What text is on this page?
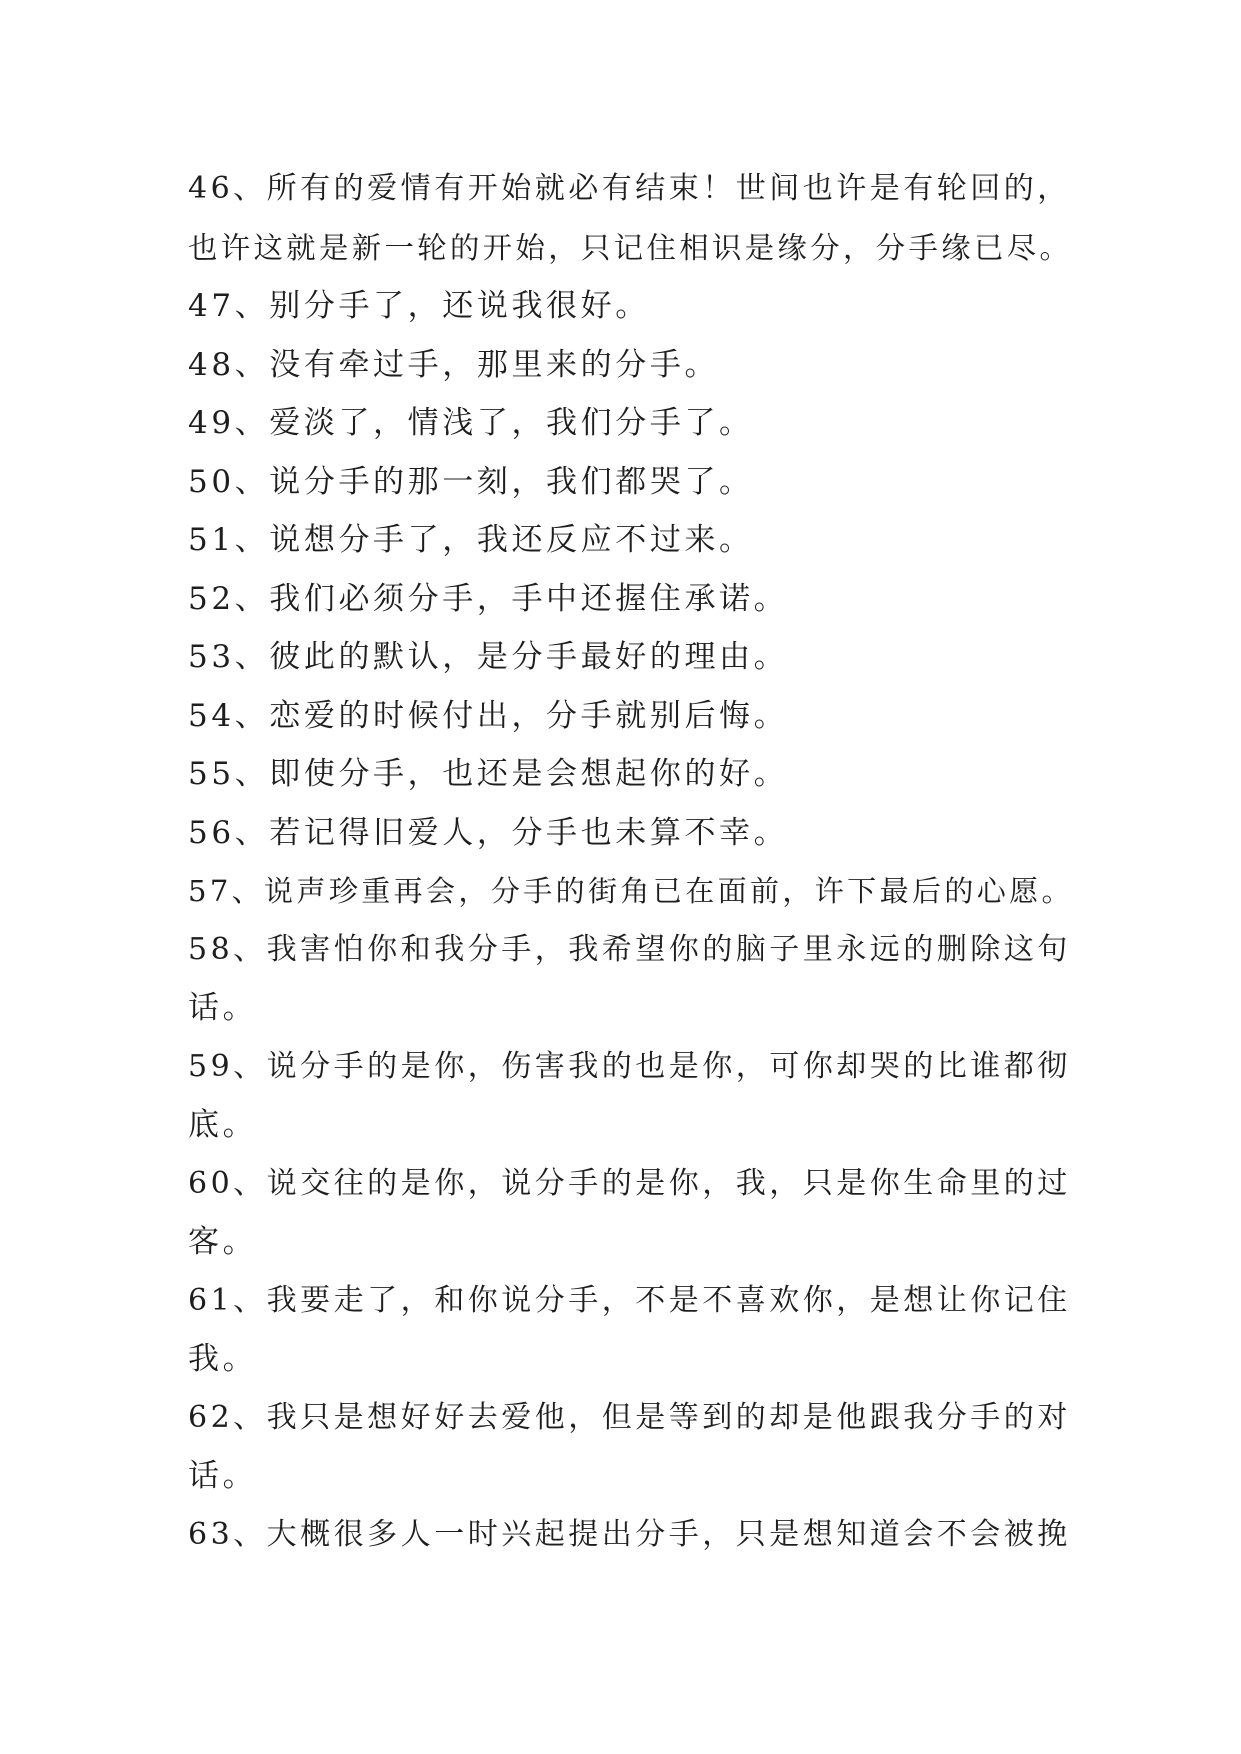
46、所有的爱情有开始就必有结束！世间也许是有轮回的，
也许这就是新一轮的开始，只记住相识是缘分，分手缘已尽。
47、别分手了，还说我很好。
48、没有牵过手，那里来的分手。
49、爱淡了，情浅了，我们分手了。
50、说分手的那一刻，我们都哭了。
51、说想分手了，我还反应不过来。
52、我们必须分手，手中还握住承诺。
53、彼此的默认，是分手最好的理由。
54、恋爱的时候付出，分手就别后悔。
55、即使分手，也还是会想起你的好。
56、若记得旧爱人，分手也未算不幸。
57、说声珍重再会，分手的街角已在面前，许下最后的心愿。
58、我害怕你和我分手，我希望你的脑子里永远的删除这句
话。
59、说分手的是你，伤害我的也是你，可你却哭的比谁都彻
底。
60、说交往的是你，说分手的是你，我，只是你生命里的过
客。
61、我要走了，和你说分手，不是不喜欢你，是想让你记住
我。
62、我只是想好好去爱他，但是等到的却是他跟我分手的对
话。
63、大概很多人一时兴起提出分手，只是想知道会不会被挽
